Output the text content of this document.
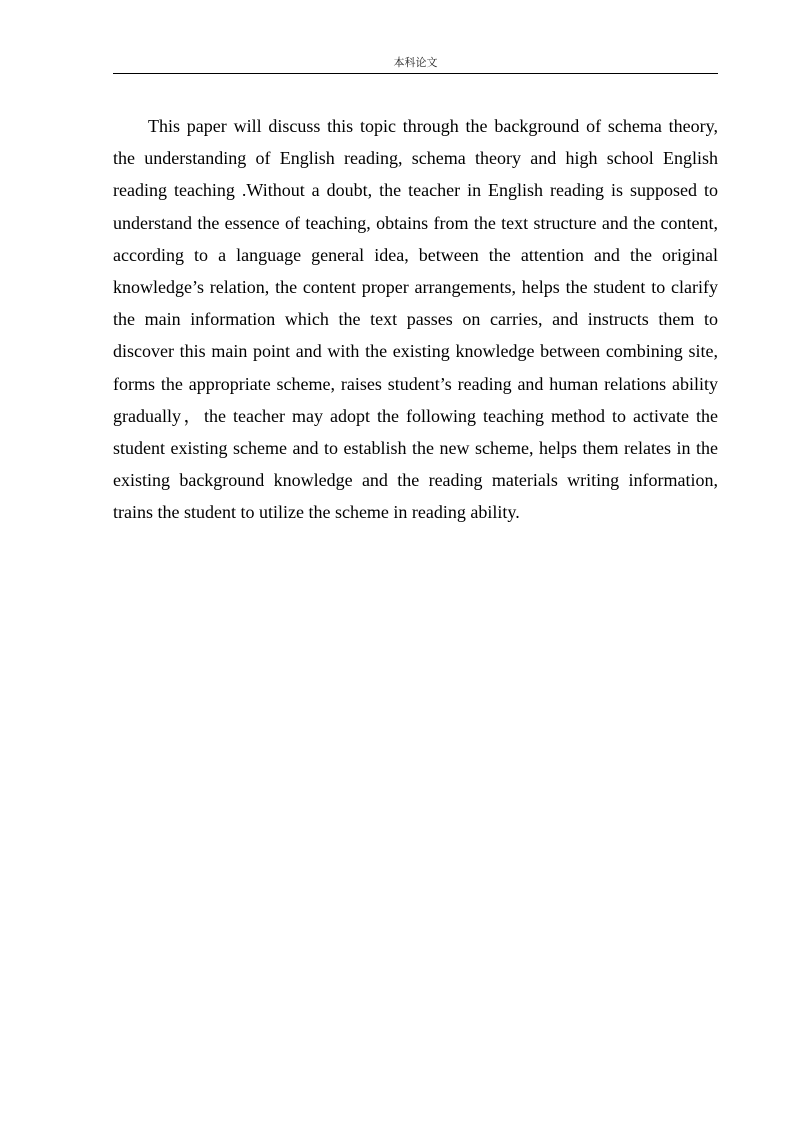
本科论文

This paper will discuss this topic through the background of schema theory, the understanding of English reading, schema theory and high school English reading teaching .Without a doubt, the teacher in English reading is supposed to understand the essence of teaching, obtains from the text structure and the content, according to a language general idea, between the attention and the original knowledge’s relation, the content proper arrangements, helps the student to clarify the main information which the text passes on carries, and instructs them to discover this main point and with the existing knowledge between combining site, forms the appropriate scheme, raises student’s reading and human relations ability gradually，the teacher may adopt the following teaching method to activate the student existing scheme and to establish the new scheme, helps them relates in the existing background knowledge and the reading materials writing information, trains the student to utilize the scheme in reading ability.
